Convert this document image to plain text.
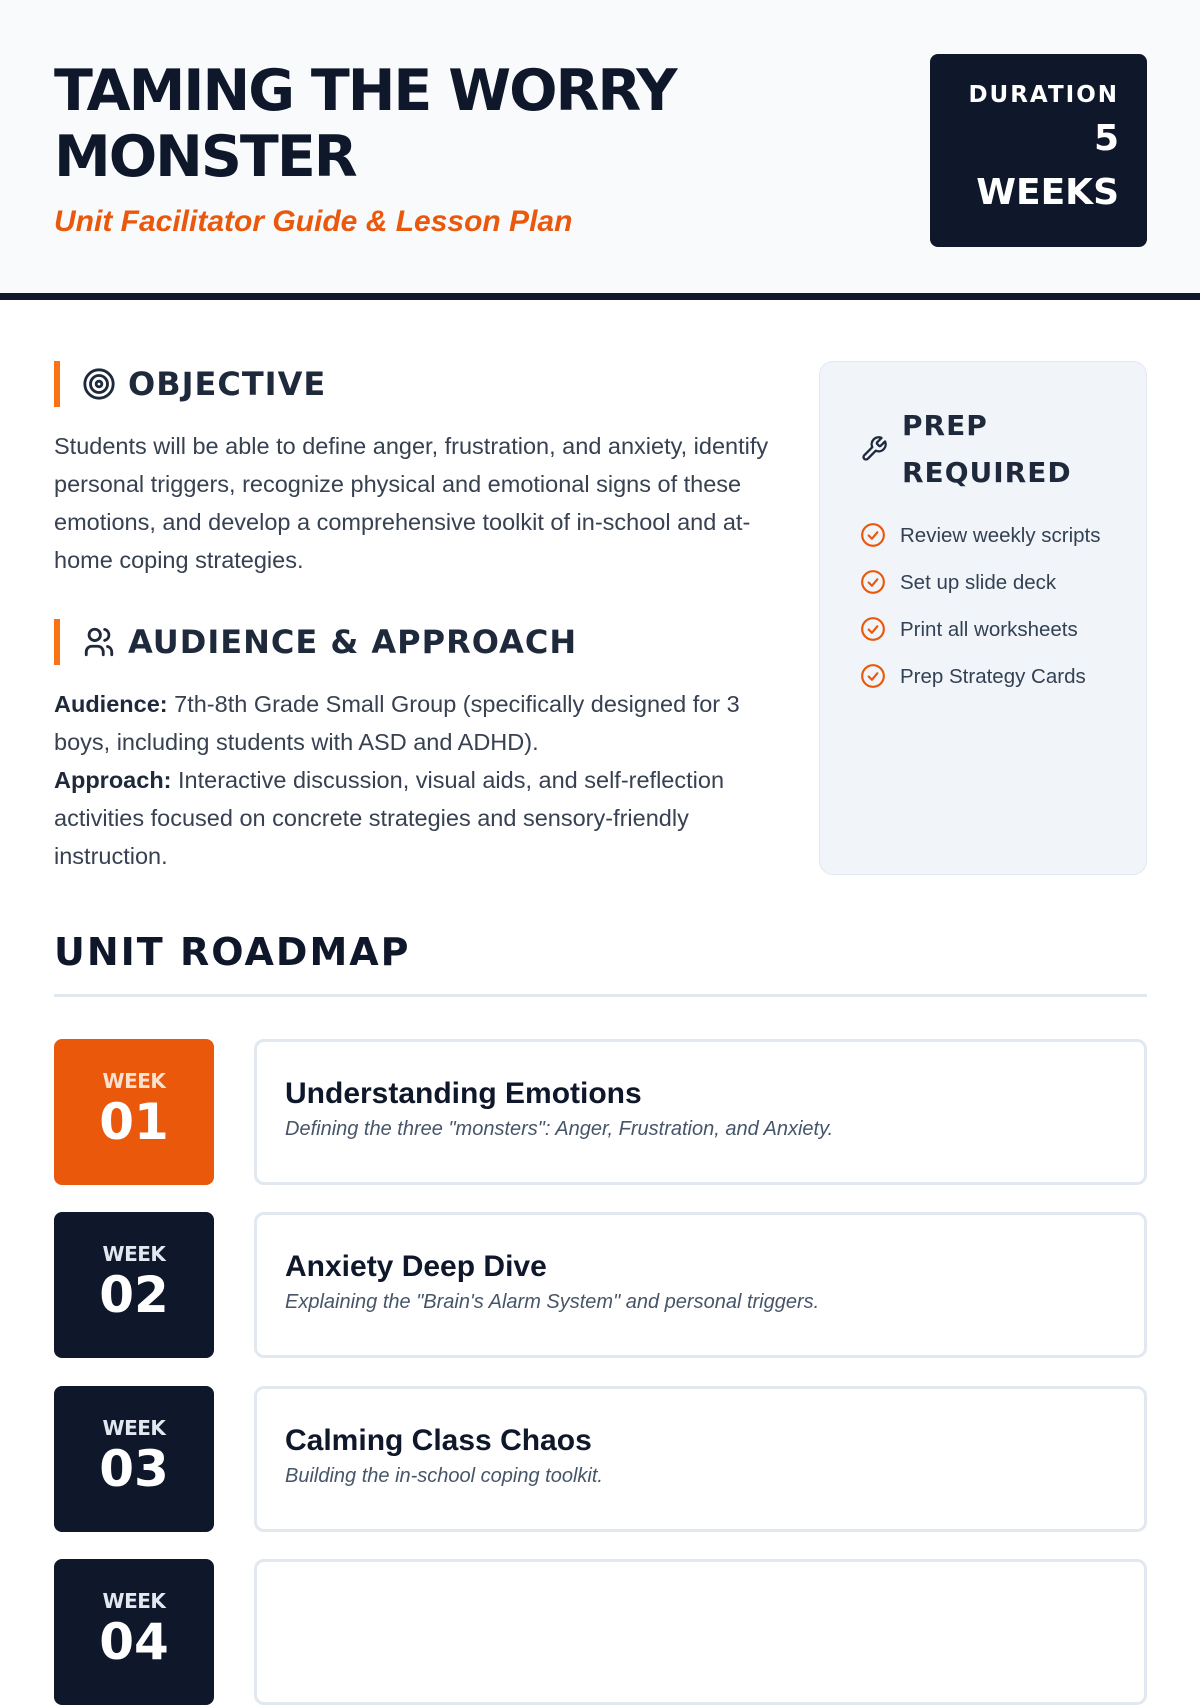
TAMING THE WORRY MONSTER
Unit Facilitator Guide & Lesson Plan
DURATION
5 WEEKS
OBJECTIVE

Students will be able to define anger, frustration, and anxiety, identify personal triggers, recognize physical and emotional signs of these emotions, and develop a comprehensive toolkit of in-school and at-home coping strategies.

AUDIENCE & APPROACH

Audience: 7th-8th Grade Small Group (specifically designed for 3 boys, including students with ASD and ADHD).

Approach: Interactive discussion, visual aids, and self-reflection activities focused on concrete strategies and sensory-friendly instruction.

PREP REQUIRED
Review weekly scripts
Set up slide deck
Print all worksheets
Prep Strategy Cards
UNIT ROADMAP
WEEK
01	Understanding Emotions
Defining the three "monsters": Anger, Frustration, and Anxiety.
WEEK
02	Anxiety Deep Dive
Explaining the "Brain's Alarm System" and personal triggers.
WEEK
03	Calming Class Chaos
Building the in-school coping toolkit.
WEEK
04
